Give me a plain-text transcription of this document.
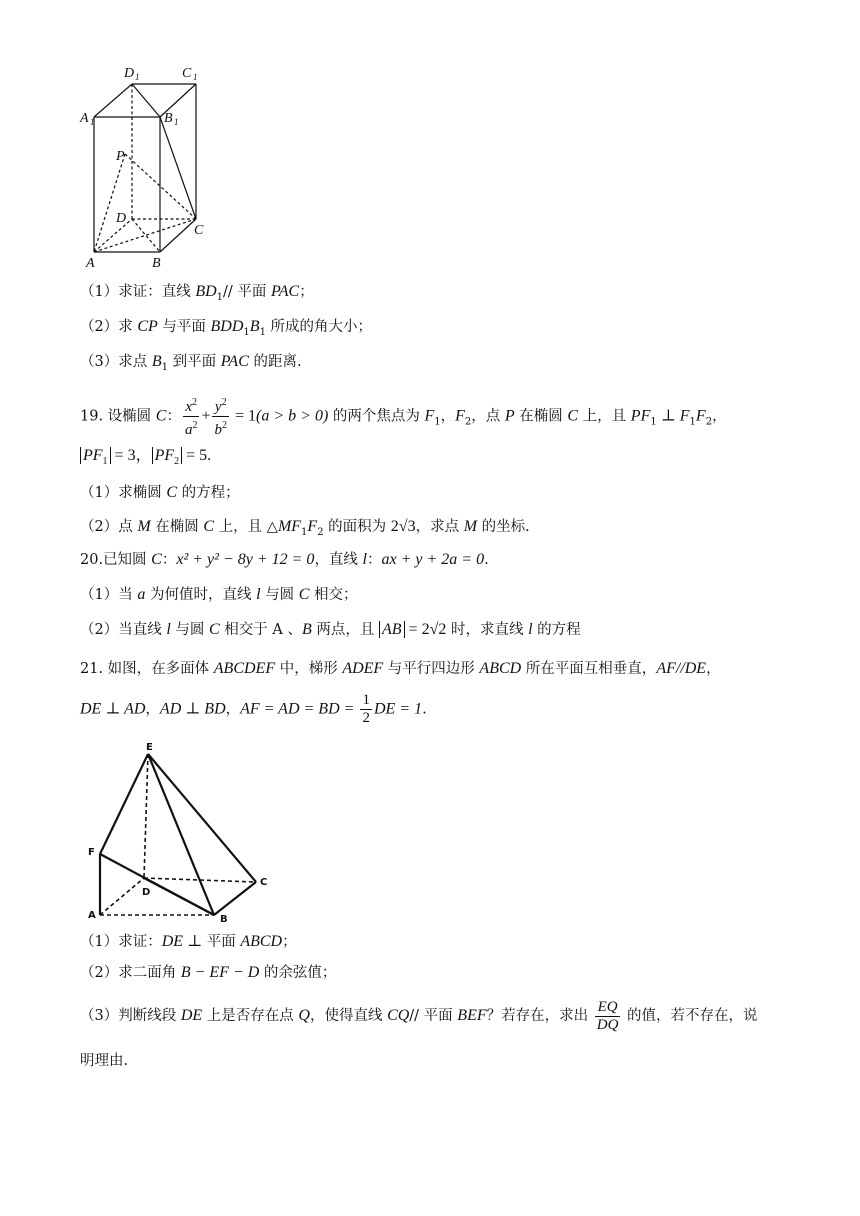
D 1	C 1
A 1	B 1
P
D
C
A	B
（1）求证：直线 $BD_1//$ 平面 PAC；
（2）求 CP 与平面 $BDD_1B_1$ 所成的角大小；
（3）求点 $B_1$ 到平面 PAC 的距离.
19. 设椭圆 C： $\frac{x^2}{a^2} + \frac{y^2}{b^2} = 1(a > b > 0)$ 的两个焦点为 $F_1$，$F_2$，点 P 在椭圆 C 上，且 $PF_1$ ⊥ $F_1F_2$，
$PF_1 = 3$， $PF_2 = 5$.
（1）求椭圆 C 的方程；
（2）点 M 在椭圆 C 上，且 $\triangle MF_1F_2$ 的面积为 2√3，求点 M 的坐标.
20.已知圆 C：x² + y² − 8y + 12 = 0，直线 l：ax + y + 2a = 0.
（1）当 a 为何值时，直线 l 与圆 C 相交；
（2）当直线 l 与圆 C 相交于 A 、B 两点，且 AB = 2√2 时，求直线 l 的方程
21. 如图，在多面体 ABCDEF 中，梯形 ADEF 与平行四边形 ABCD 所在平面互相垂直，AF//DE，
DE ⊥ AD，AD ⊥ BD，AF = AD = BD = $\frac{1}{2}$ DE = 1.
E
F
D
C
A	B
（1）求证：DE ⊥ 平面 ABCD；
（2）求二面角 B − EF − D 的余弦值；
（3）判断线段 DE 上是否存在点 Q，使得直线 CQ// 平面 BEF？若存在，求出 $\frac{EQ}{DQ}$ 的值，若不存在，说
明理由.
